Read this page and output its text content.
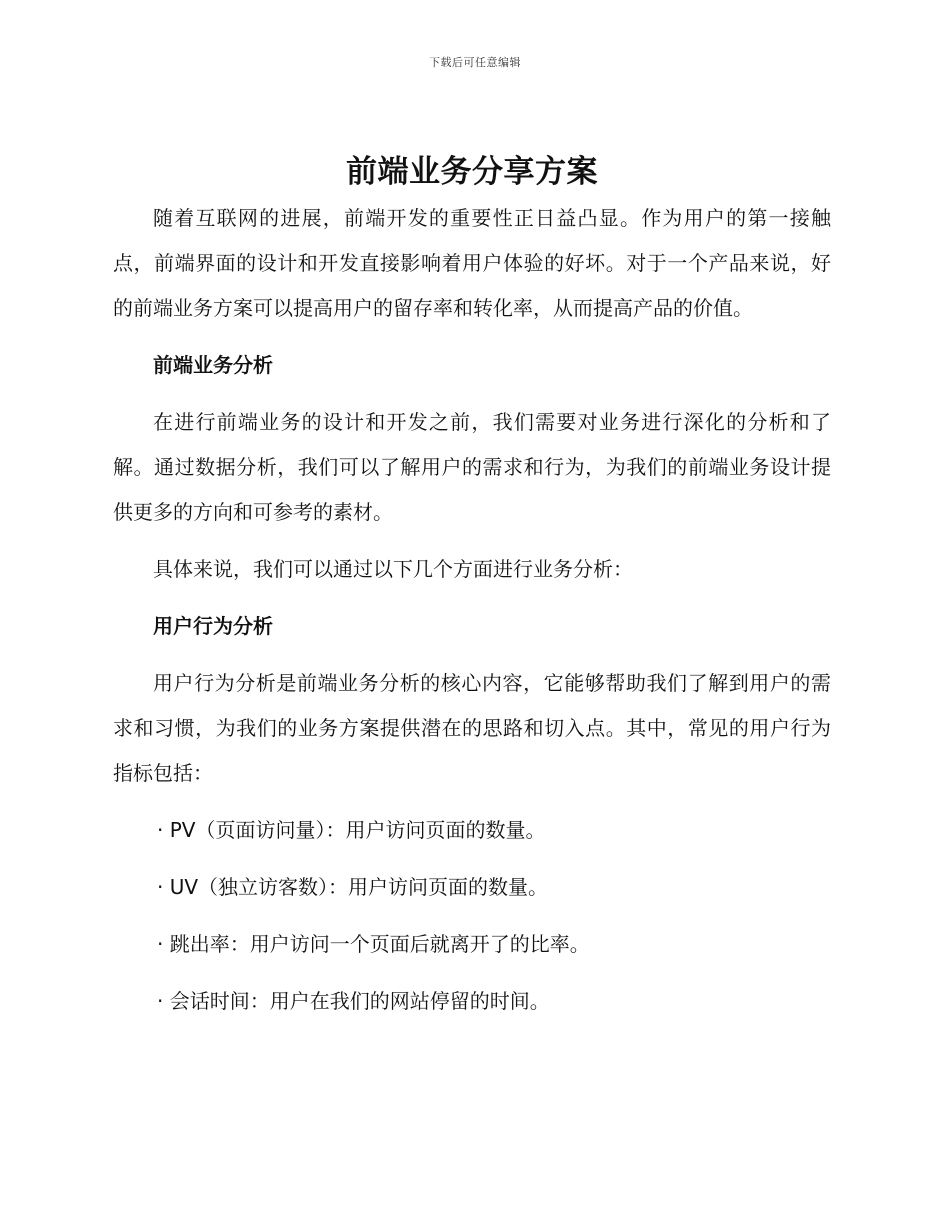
下载后可任意编辑
前端业务分享方案

随着互联网的进展，前端开发的重要性正日益凸显。作为用户的第一接触点，前端界面的设计和开发直接影响着用户体验的好坏。对于一个产品来说，好的前端业务方案可以提高用户的留存率和转化率，从而提高产品的价值。

前端业务分析

在进行前端业务的设计和开发之前，我们需要对业务进行深化的分析和了解。通过数据分析，我们可以了解用户的需求和行为，为我们的前端业务设计提供更多的方向和可参考的素材。

具体来说，我们可以通过以下几个方面进行业务分析：

用户行为分析

用户行为分析是前端业务分析的核心内容，它能够帮助我们了解到用户的需求和习惯，为我们的业务方案提供潜在的思路和切入点。其中，常见的用户行为指标包括：

· PV（页面访问量）：用户访问页面的数量。

· UV（独立访客数）：用户访问页面的数量。

· 跳出率：用户访问一个页面后就离开了的比率。

· 会话时间：用户在我们的网站停留的时间。
